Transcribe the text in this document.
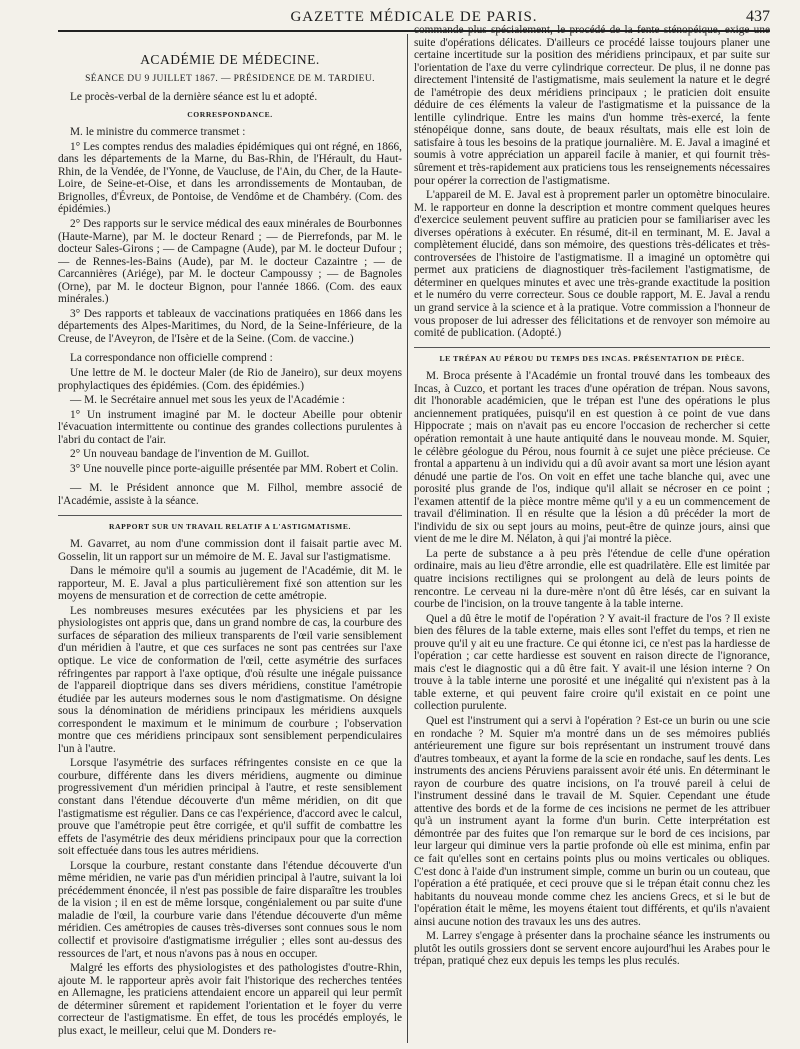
GAZETTE MÉDICALE DE PARIS.	437

ACADÉMIE DE MÉDECINE.

SÉANCE DU 9 JUILLET 1867. — PRÉSIDENCE DE M. TARDIEU.

Le procès-verbal de la dernière séance est lu et adopté.

CORRESPONDANCE.

M. le ministre du commerce transmet :

1° Les comptes rendus des maladies épidémiques qui ont régné, en 1866, dans les départements de la Marne, du Bas-Rhin, de l'Hérault, du Haut-Rhin, de la Vendée, de l'Yonne, de Vaucluse, de l'Ain, du Cher, de la Haute-Loire, de Seine-et-Oise, et dans les arrondissements de Montauban, de Brignolles, d'Évreux, de Pontoise, de Vendôme et de Chambéry. (Com. des épidémies.)

2° Des rapports sur le service médical des eaux minérales de Bourbonnes (Haute-Marne), par M. le docteur Renard ; — de Pierrefonds, par M. le docteur Sales-Girons ; — de Campagne (Aude), par M. le docteur Dufour ; — de Rennes-les-Bains (Aude), par M. le docteur Cazaintre ; — de Carcannières (Ariége), par M. le docteur Campoussy ; — de Bagnoles (Orne), par M. le docteur Bignon, pour l'année 1866. (Com. des eaux minérales.)

3° Des rapports et tableaux de vaccinations pratiquées en 1866 dans les départements des Alpes-Maritimes, du Nord, de la Seine-Inférieure, de la Creuse, de l'Aveyron, de l'Isère et de la Seine. (Com. de vaccine.)

La correspondance non officielle comprend :

Une lettre de M. le docteur Maler (de Rio de Janeiro), sur deux moyens prophylactiques des épidémies. (Com. des épidémies.)

— M. le Secrétaire annuel met sous les yeux de l'Académie :

1° Un instrument imaginé par M. le docteur Abeille pour obtenir l'évacuation intermittente ou continue des grandes collections purulentes à l'abri du contact de l'air.

2° Un nouveau bandage de l'invention de M. Guillot.

3° Une nouvelle pince porte-aiguille présentée par MM. Robert et Colin.

— M. le Président annonce que M. Filhol, membre associé de l'Académie, assiste à la séance.

RAPPORT SUR UN TRAVAIL RELATIF A L'ASTIGMATISME.

M. Gavarret, au nom d'une commission dont il faisait partie avec M. Gosselin, lit un rapport sur un mémoire de M. E. Javal sur l'astigmatisme.

Dans le mémoire qu'il a soumis au jugement de l'Académie, dit M. le rapporteur, M. E. Javal a plus particulièrement fixé son attention sur les moyens de mensuration et de correction de cette amétropie.

Les nombreuses mesures exécutées par les physiciens et par les physiologistes ont appris que, dans un grand nombre de cas, la courbure des surfaces de séparation des milieux transparents de l'œil varie sensiblement d'un méridien à l'autre, et que ces surfaces ne sont pas centrées sur l'axe optique. Le vice de conformation de l'œil, cette asymétrie des surfaces réfringentes par rapport à l'axe optique, d'où résulte une inégale puissance de l'appareil dioptrique dans ses divers méridiens, constitue l'amétropie étudiée par les auteurs modernes sous le nom d'astigmatisme. On désigne sous la dénomination de méridiens principaux les méridiens auxquels correspondent le maximum et le minimum de courbure ; l'observation montre que ces méridiens principaux sont sensiblement perpendiculaires l'un à l'autre.

Lorsque l'asymétrie des surfaces réfringentes consiste en ce que la courbure, différente dans les divers méridiens, augmente ou diminue progressivement d'un méridien principal à l'autre, et reste sensiblement constant dans l'étendue découverte d'un même méridien, on dit que l'astigmatisme est régulier. Dans ce cas l'expérience, d'accord avec le calcul, prouve que l'amétropie peut être corrigée, et qu'il suffit de combattre les effets de l'asymétrie des deux méridiens principaux pour que la correction soit effectuée dans tous les autres méridiens.

Lorsque la courbure, restant constante dans l'étendue découverte d'un même méridien, ne varie pas d'un méridien principal à l'autre, suivant la loi précédemment énoncée, il n'est pas possible de faire disparaître les troubles de la vision ; il en est de même lorsque, congénialement ou par suite d'une maladie de l'œil, la courbure varie dans l'étendue découverte d'un même méridien. Ces amétropies de causes très-diverses sont connues sous le nom collectif et provisoire d'astigmatisme irrégulier ; elles sont au-dessus des ressources de l'art, et nous n'avons pas à nous en occuper.

Malgré les efforts des physiologistes et des pathologistes d'outre-Rhin, ajoute M. le rapporteur après avoir fait l'historique des recherches tentées en Allemagne, les praticiens attendaient encore un appareil qui leur permît de déterminer sûrement et rapidement l'orientation et le foyer du verre correcteur de l'astigmatisme. En effet, de tous les procédés employés, le plus exact, le meilleur, celui que M. Donders re-

commande plus spécialement, le procédé de la fente sténopéique, exige une suite d'opérations délicates. D'ailleurs ce procédé laisse toujours planer une certaine incertitude sur la position des méridiens principaux, et par suite sur l'orientation de l'axe du verre cylindrique correcteur. De plus, il ne donne pas directement l'intensité de l'astigmatisme, mais seulement la nature et le degré de l'amétropie des deux méridiens principaux ; le praticien doit ensuite déduire de ces éléments la valeur de l'astigmatisme et la puissance de la lentille cylindrique. Entre les mains d'un homme très-exercé, la fente sténopéique donne, sans doute, de beaux résultats, mais elle est loin de satisfaire à tous les besoins de la pratique journalière. M. E. Javal a imaginé et soumis à votre appréciation un appareil facile à manier, et qui fournit très-sûrement et très-rapidement aux praticiens tous les renseignements nécessaires pour opérer la correction de l'astigmatisme.

L'appareil de M. E. Javal est à proprement parler un optomètre binoculaire. M. le rapporteur en donne la description et montre comment quelques heures d'exercice seulement peuvent suffire au praticien pour se familiariser avec les diverses opérations à exécuter. En résumé, dit-il en terminant, M. E. Javal a complètement élucidé, dans son mémoire, des questions très-délicates et très-controversées de l'histoire de l'astigmatisme. Il a imaginé un optomètre qui permet aux praticiens de diagnostiquer très-facilement l'astigmatisme, de déterminer en quelques minutes et avec une très-grande exactitude la position et le numéro du verre correcteur. Sous ce double rapport, M. E. Javal a rendu un grand service à la science et à la pratique. Votre commission a l'honneur de vous proposer de lui adresser des félicitations et de renvoyer son mémoire au comité de publication. (Adopté.)

LE TRÉPAN AU PÉROU DU TEMPS DES INCAS. PRÉSENTATION DE PIÈCE.

M. Broca présente à l'Académie un frontal trouvé dans les tombeaux des Incas, à Cuzco, et portant les traces d'une opération de trépan. Nous savons, dit l'honorable académicien, que le trépan est l'une des opérations le plus anciennement pratiquées, puisqu'il en est question à ce point de vue dans Hippocrate ; mais on n'avait pas eu encore l'occasion de rechercher si cette opération remontait à une haute antiquité dans le nouveau monde. M. Squier, le célèbre géologue du Pérou, nous fournit à ce sujet une pièce précieuse. Ce frontal a appartenu à un individu qui a dû avoir avant sa mort une lésion ayant dénudé une partie de l'os. On voit en effet une tache blanche qui, avec une porosité plus grande de l'os, indique qu'il allait se nécroser en ce point ; l'examen attentif de la pièce montre même qu'il y a eu un commencement de travail d'élimination. Il en résulte que la lésion a dû précéder la mort de l'individu de six ou sept jours au moins, peut-être de quinze jours, ainsi que vient de me le dire M. Nélaton, à qui j'ai montré la pièce.

La perte de substance a à peu près l'étendue de celle d'une opération ordinaire, mais au lieu d'être arrondie, elle est quadrilatère. Elle est limitée par quatre incisions rectilignes qui se prolongent au delà de leurs points de rencontre. Le cerveau ni la dure-mère n'ont dû être lésés, car en suivant la courbe de l'incision, on la trouve tangente à la table interne.

Quel a dû être le motif de l'opération ? Y avait-il fracture de l'os ? Il existe bien des fêlures de la table externe, mais elles sont l'effet du temps, et rien ne prouve qu'il y ait eu une fracture. Ce qui étonne ici, ce n'est pas la hardiesse de l'opération ; car cette hardiesse est souvent en raison directe de l'ignorance, mais c'est le diagnostic qui a dû être fait. Y avait-il une lésion interne ? On trouve à la table interne une porosité et une inégalité qui n'existent pas à la table externe, et qui peuvent faire croire qu'il existait en ce point une collection purulente.

Quel est l'instrument qui a servi à l'opération ? Est-ce un burin ou une scie en rondache ? M. Squier m'a montré dans un de ses mémoires publiés antérieurement une figure sur bois représentant un instrument trouvé dans d'autres tombeaux, et ayant la forme de la scie en rondache, sauf les dents. Les instruments des anciens Péruviens paraissent avoir été unis. En déterminant le rayon de courbure des quatre incisions, on l'a trouvé pareil à celui de l'instrument dessiné dans le travail de M. Squier. Cependant une étude attentive des bords et de la forme de ces incisions ne permet de les attribuer qu'à un instrument ayant la forme d'un burin. Cette interprétation est démontrée par des fuites que l'on remarque sur le bord de ces incisions, par leur largeur qui diminue vers la partie profonde où elle est minima, enfin par ce fait qu'elles sont en certains points plus ou moins verticales ou obliques. C'est donc à l'aide d'un instrument simple, comme un burin ou un couteau, que l'opération a été pratiquée, et ceci prouve que si le trépan était connu chez les habitants du nouveau monde comme chez les anciens Grecs, et si le but de l'opération était le même, les moyens étaient tout différents, et qu'ils n'avaient ainsi aucune notion des travaux les uns des autres.

M. Larrey s'engage à présenter dans la prochaine séance les instruments ou plutôt les outils grossiers dont se servent encore aujourd'hui les Arabes pour le trépan, pratiqué chez eux depuis les temps les plus reculés.
